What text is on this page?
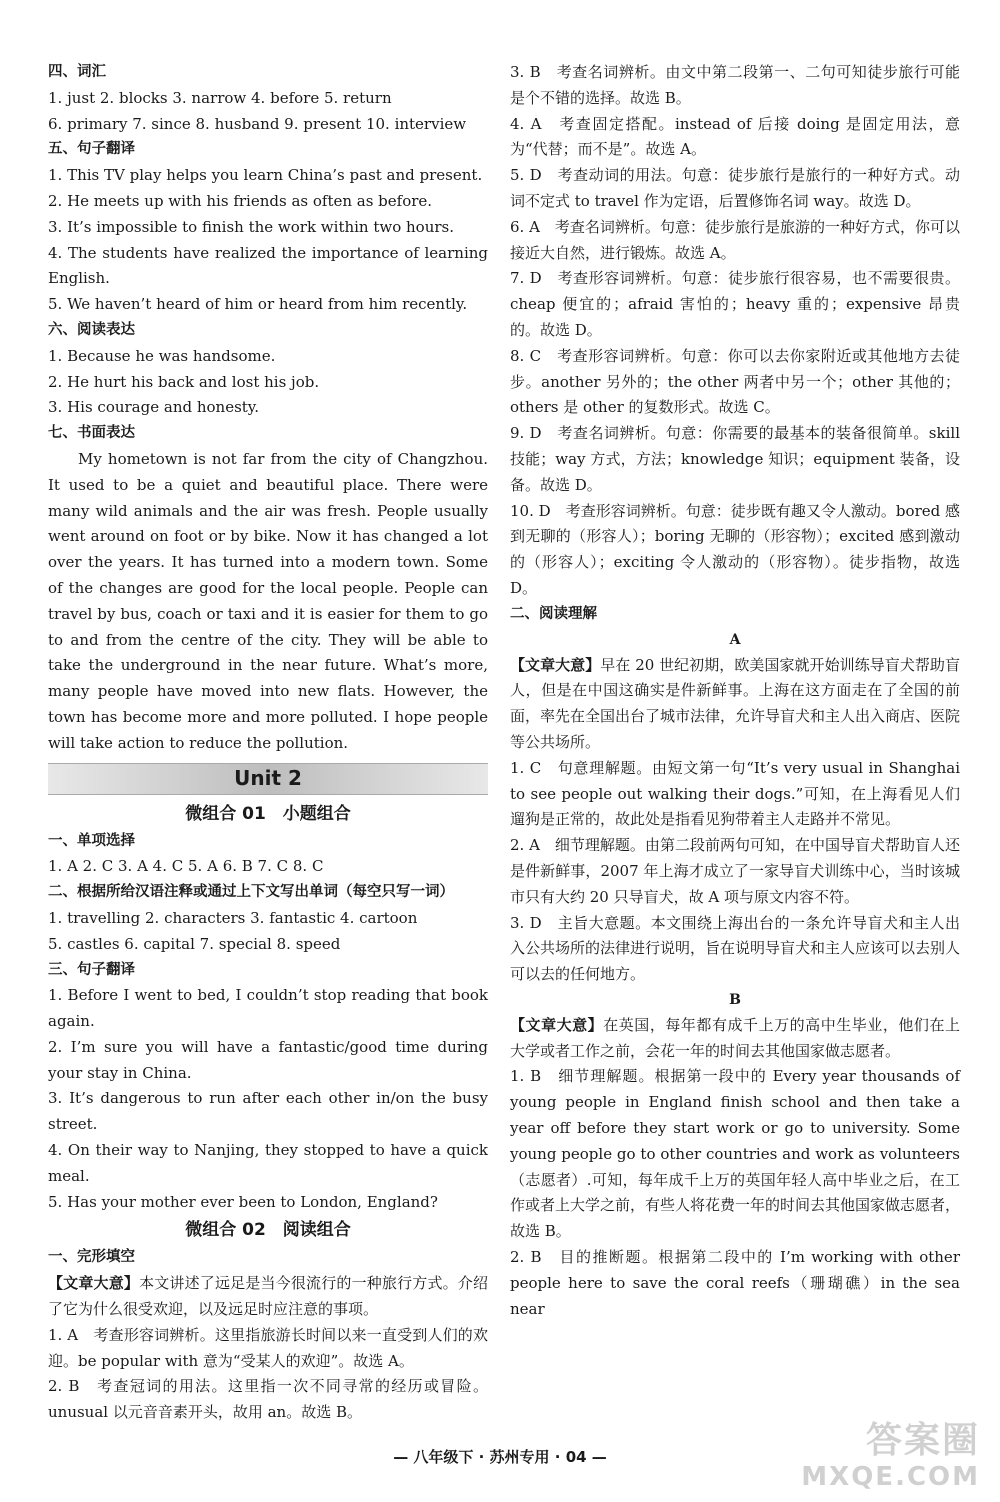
四、词汇
1. just 2. blocks 3. narrow 4. before 5. return
6. primary 7. since 8. husband 9. present 10. interview
五、句子翻译
1. This TV play helps you learn China’s past and present.
2. He meets up with his friends as often as before.
3. It’s impossible to finish the work within two hours.
4. The students have realized the importance of learning English.
5. We haven’t heard of him or heard from him recently.
六、阅读表达
1. Because he was handsome.
2. He hurt his back and lost his job.
3. His courage and honesty.
七、书面表达
My hometown is not far from the city of Changzhou. It used to be a quiet and beautiful place. There were many wild animals and the air was fresh. People usually went around on foot or by bike. Now it has changed a lot over the years. It has turned into a modern town. Some of the changes are good for the local people. People can travel by bus, coach or taxi and it is easier for them to go to and from the centre of the city. They will be able to take the underground in the near future. What’s more, many people have moved into new flats. However, the town has become more and more polluted. I hope people will take action to reduce the pollution.
Unit 2
微组合 01　小题组合
一、单项选择
1. A 2. C 3. A 4. C 5. A 6. B 7. C 8. C
二、根据所给汉语注释或通过上下文写出单词（每空只写一词）
1. travelling 2. characters 3. fantastic 4. cartoon
5. castles 6. capital 7. special 8. speed
三、句子翻译
1. Before I went to bed, I couldn’t stop reading that book again.
2. I’m sure you will have a fantastic/good time during your stay in China.
3. It’s dangerous to run after each other in/on the busy street.
4. On their way to Nanjing, they stopped to have a quick meal.
5. Has your mother ever been to London, England?
微组合 02　阅读组合
一、完形填空
【文章大意】本文讲述了远足是当今很流行的一种旅行方式。介绍了它为什么很受欢迎，以及远足时应注意的事项。
1. A　考查形容词辨析。这里指旅游长时间以来一直受到人们的欢迎。be popular with 意为“受某人的欢迎”。故选 A。
2. B　考查冠词的用法。这里指一次不同寻常的经历或冒险。unusual 以元音音素开头，故用 an。故选 B。
3. B　考查名词辨析。由文中第二段第一、二句可知徒步旅行可能是个不错的选择。故选 B。
4. A　考查固定搭配。instead of 后接 doing 是固定用法，意为“代替；而不是”。故选 A。
5. D　考查动词的用法。句意：徒步旅行是旅行的一种好方式。动词不定式 to travel 作为定语，后置修饰名词 way。故选 D。
6. A　考查名词辨析。句意：徒步旅行是旅游的一种好方式，你可以接近大自然，进行锻炼。故选 A。
7. D　考查形容词辨析。句意：徒步旅行很容易，也不需要很贵。cheap 便宜的；afraid 害怕的；heavy 重的；expensive 昂贵的。故选 D。
8. C　考查形容词辨析。句意：你可以去你家附近或其他地方去徒步。another 另外的；the other 两者中另一个；other 其他的；others 是 other 的复数形式。故选 C。
9. D　考查名词辨析。句意：你需要的最基本的装备很简单。skill 技能；way 方式，方法；knowledge 知识；equipment 装备，设备。故选 D。
10. D　考查形容词辨析。句意：徒步既有趣又令人激动。bored 感到无聊的（形容人）；boring 无聊的（形容物）；excited 感到激动的（形容人）；exciting 令人激动的（形容物）。徒步指物，故选 D。
二、阅读理解
A
【文章大意】早在 20 世纪初期，欧美国家就开始训练导盲犬帮助盲人，但是在中国这确实是件新鲜事。上海在这方面走在了全国的前面，率先在全国出台了城市法律，允许导盲犬和主人出入商店、医院等公共场所。
1. C　句意理解题。由短文第一句“It’s very usual in Shanghai to see people out walking their dogs.”可知，在上海看见人们遛狗是正常的，故此处是指看见狗带着主人走路并不常见。
2. A　细节理解题。由第二段前两句可知，在中国导盲犬帮助盲人还是件新鲜事，2007 年上海才成立了一家导盲犬训练中心，当时该城市只有大约 20 只导盲犬，故 A 项与原文内容不符。
3. D　主旨大意题。本文围绕上海出台的一条允许导盲犬和主人出入公共场所的法律进行说明，旨在说明导盲犬和主人应该可以去别人可以去的任何地方。
B
【文章大意】在英国，每年都有成千上万的高中生毕业，他们在上大学或者工作之前，会花一年的时间去其他国家做志愿者。
1. B　细节理解题。根据第一段中的 Every year thousands of young people in England finish school and then take a year off before they start work or go to university. Some young people go to other countries and work as volunteers（志愿者）.可知，每年成千上万的英国年轻人高中毕业之后，在工作或者上大学之前，有些人将花费一年的时间去其他国家做志愿者，故选 B。
2. B　目的推断题。根据第二段中的 I’m working with other people here to save the coral reefs（珊瑚礁）in the sea near
— 八年级下 · 苏州专用 · 04 —	答案圈
MXQE.COM
